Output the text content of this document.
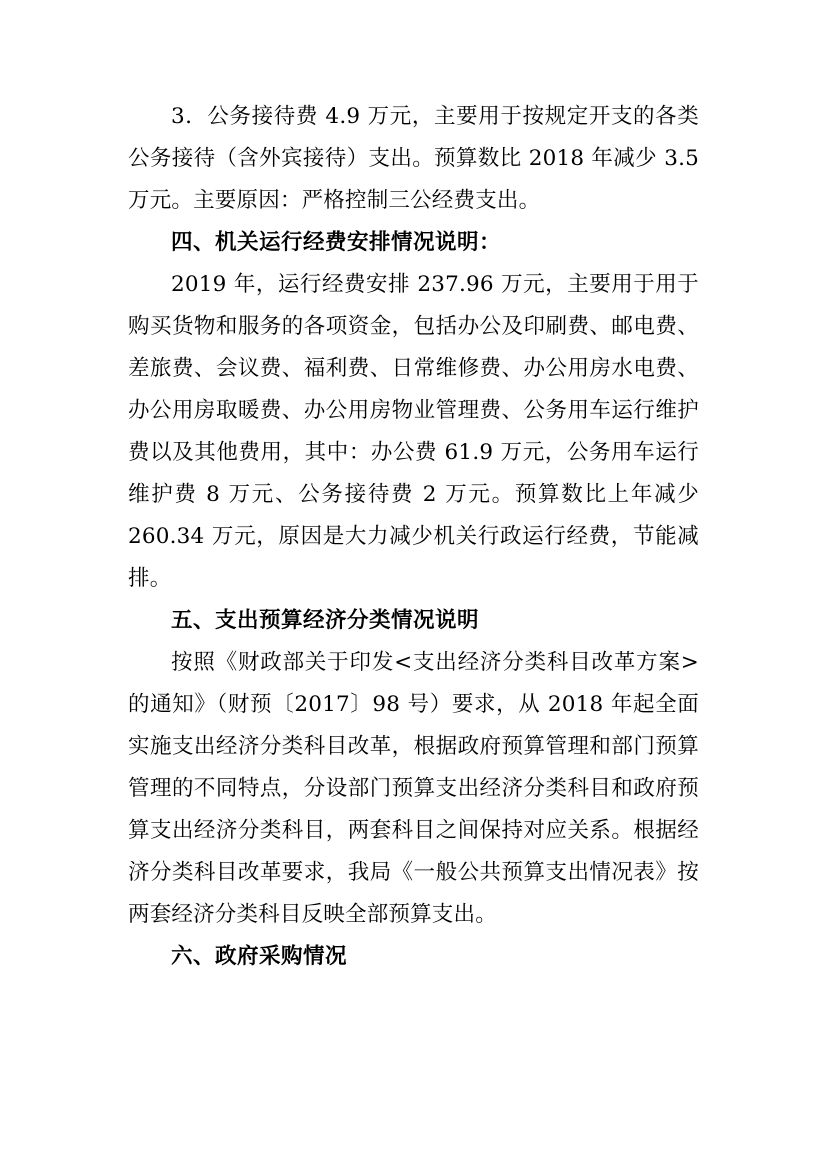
3．公务接待费 4.9 万元，主要用于按规定开支的各类公务接待（含外宾接待）支出。预算数比 2018 年减少 3.5 万元。主要原因：严格控制三公经费支出。

四、机关运行经费安排情况说明：

2019 年，运行经费安排 237.96 万元，主要用于用于购买货物和服务的各项资金，包括办公及印刷费、邮电费、差旅费、会议费、福利费、日常维修费、办公用房水电费、办公用房取暖费、办公用房物业管理费、公务用车运行维护费以及其他费用，其中：办公费 61.9 万元，公务用车运行维护费 8 万元、公务接待费 2 万元。预算数比上年减少 260.34 万元，原因是大力减少机关行政运行经费，节能减排。

五、支出预算经济分类情况说明

按照《财政部关于印发<支出经济分类科目改革方案>的通知》（财预〔2017〕98 号）要求，从 2018 年起全面实施支出经济分类科目改革，根据政府预算管理和部门预算管理的不同特点，分设部门预算支出经济分类科目和政府预算支出经济分类科目，两套科目之间保持对应关系。根据经济分类科目改革要求，我局《一般公共预算支出情况表》按两套经济分类科目反映全部预算支出。

六、政府采购情况
